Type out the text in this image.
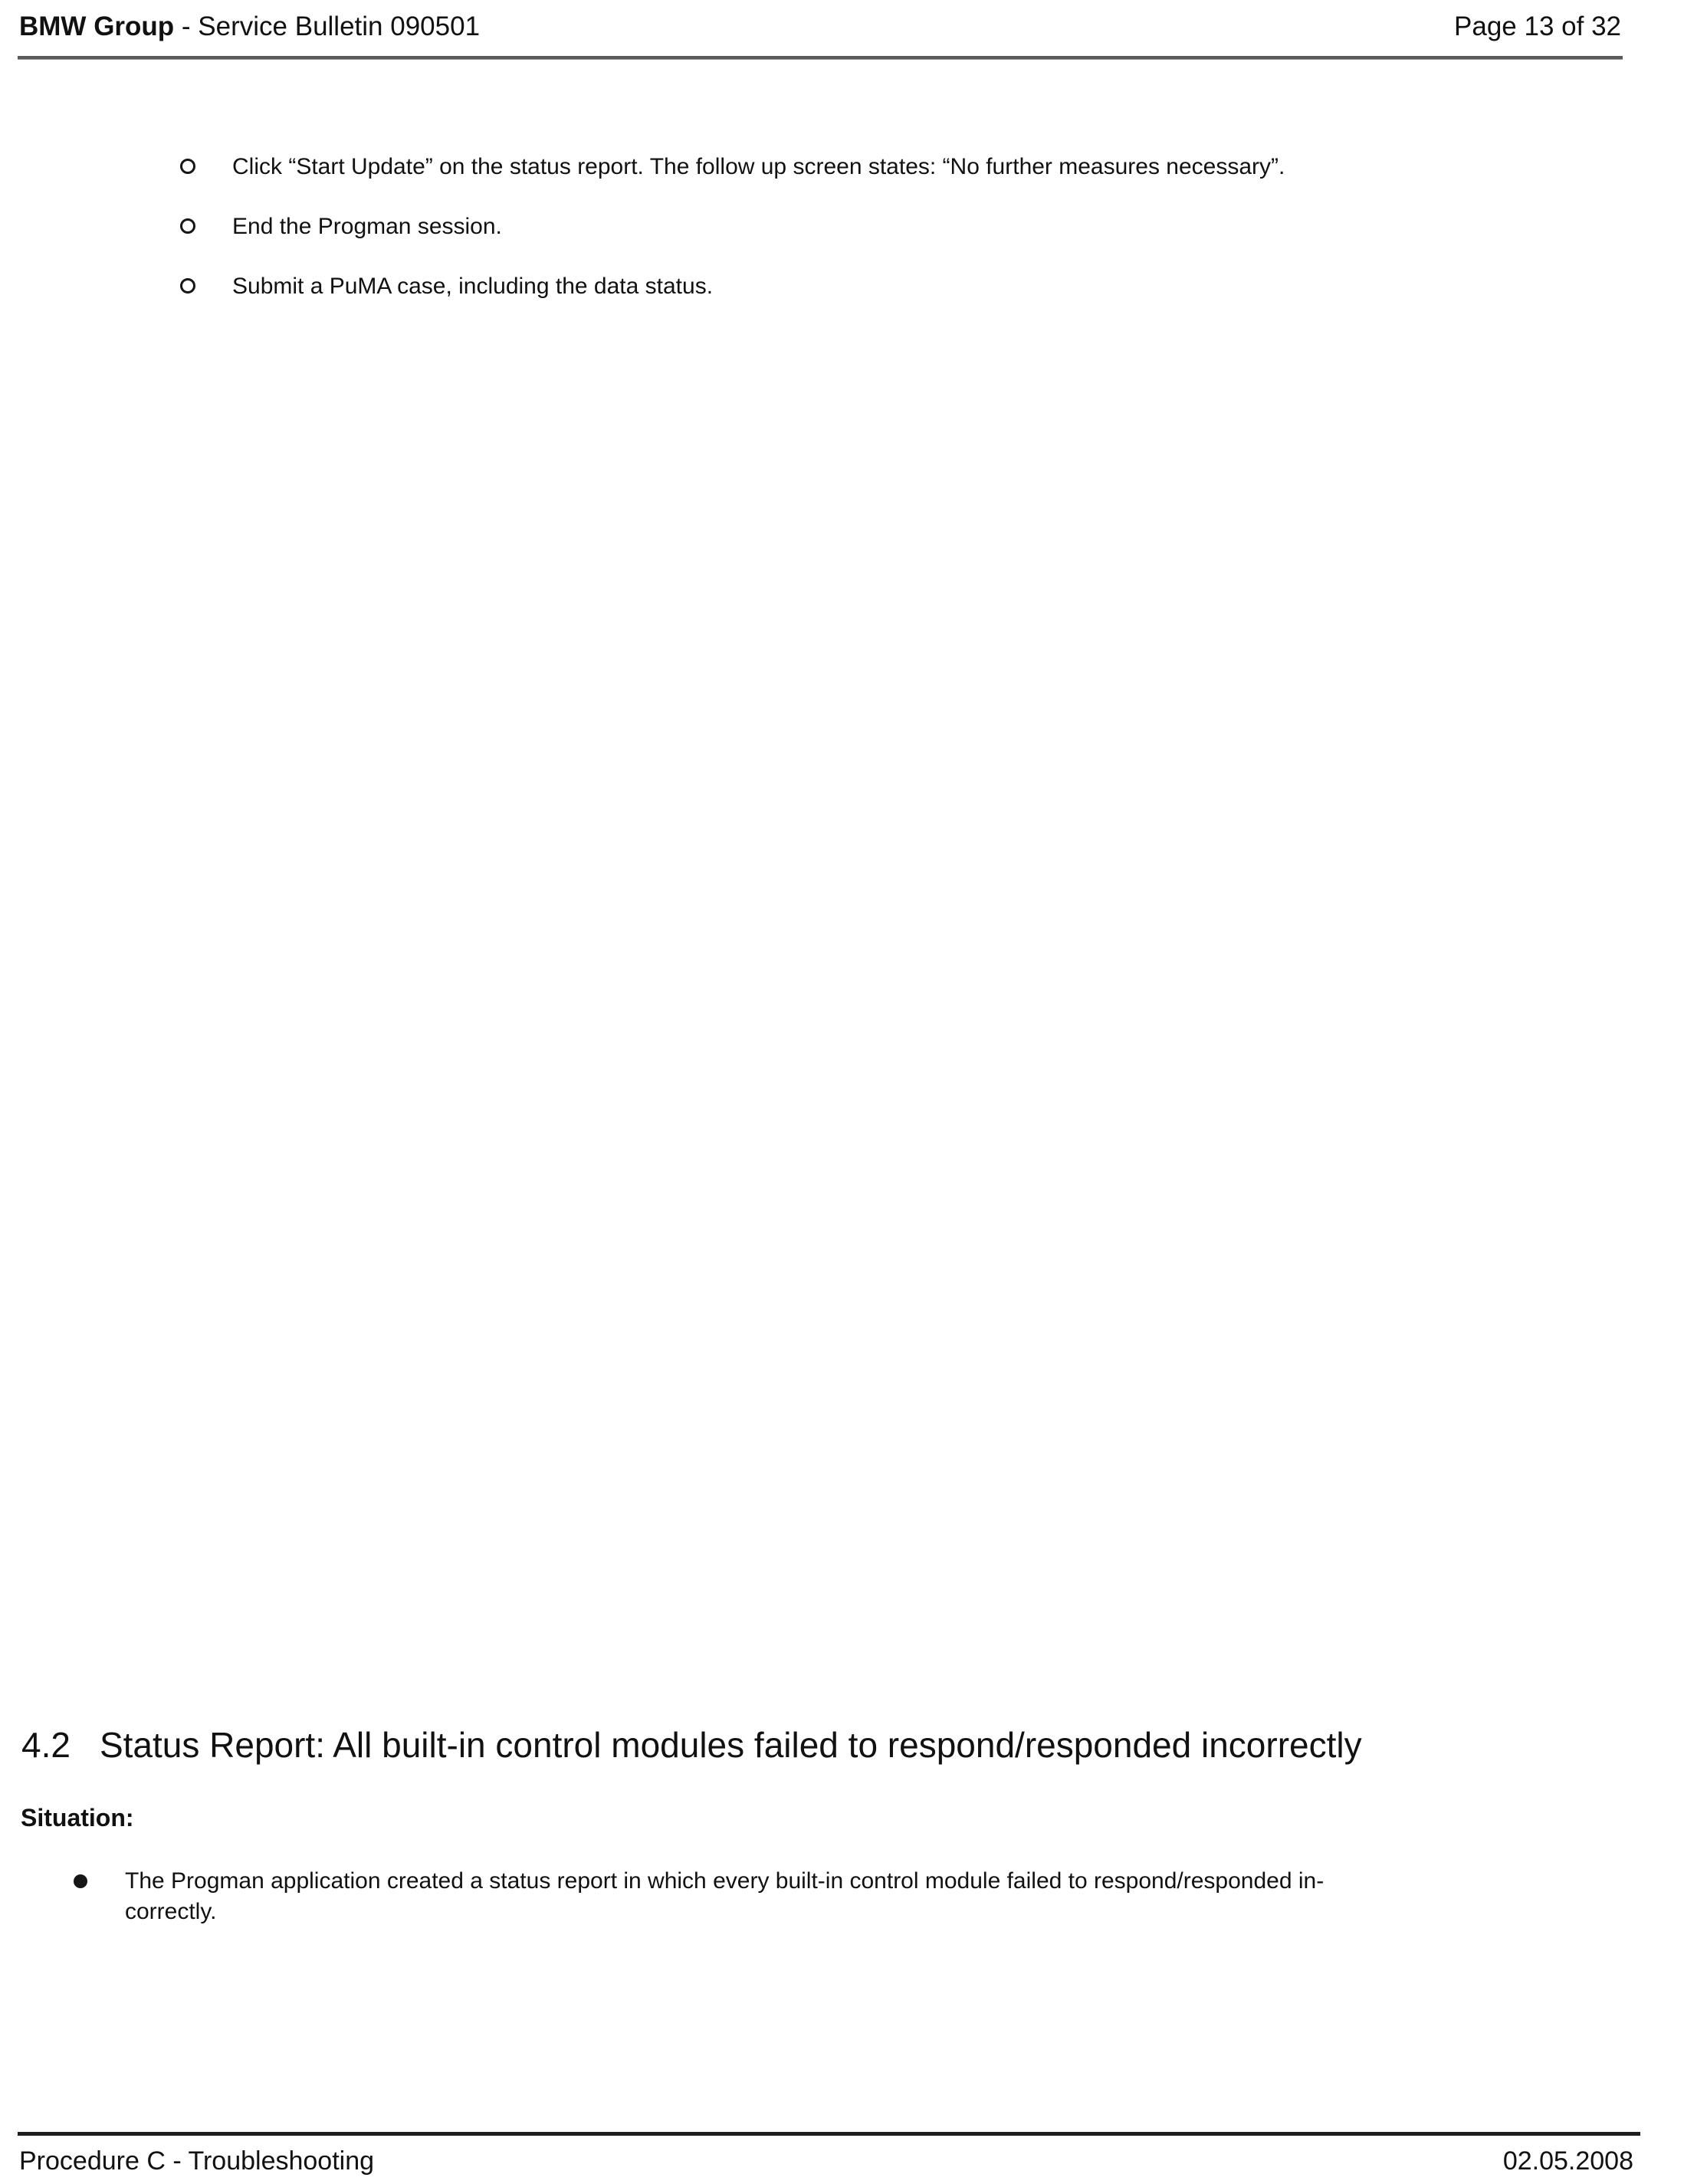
BMW Group - Service Bulletin 090501	Page 13 of 32
Click “Start Update” on the status report. The follow up screen states: “No further measures necessary”.
End the Progman session.
Submit a PuMA case, including the data status.
4.2 Status Report: All built-in control modules failed to respond/responded incorrectly
Situation:
The Progman application created a status report in which every built-in control module failed to respond/responded in-
correctly.
Procedure C - Troubleshooting	02.05.2008
